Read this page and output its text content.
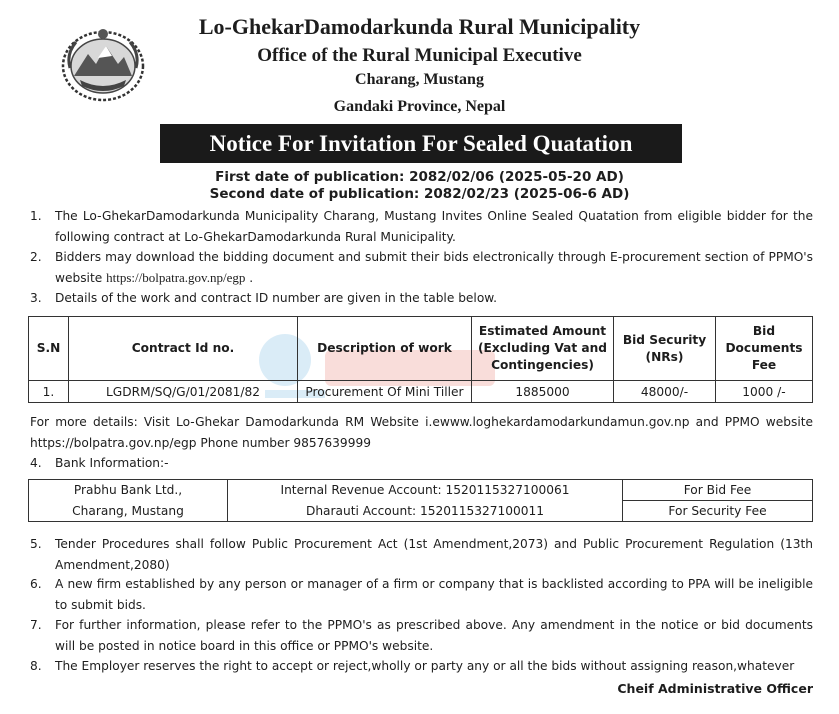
Lo-GhekarDamodarkunda Rural Municipality
Office of the Rural Municipal Executive
Charang, Mustang
Gandaki Province, Nepal
Notice For Invitation For Sealed Quatation
First date of publication: 2082/02/06 (2025-05-20 AD)
Second date of publication: 2082/02/23 (2025-06-6 AD)
1. The Lo-GhekarDamodarkunda Municipality Charang, Mustang Invites Online Sealed Quatation from eligible bidder for the following contract at Lo-GhekarDamodarkunda Rural Municipality.
2. Bidders may download the bidding document and submit their bids electronically through E-procurement section of PPMO's website https://bolpatra.gov.np/egp .
3. Details of the work and contract ID number are given in the table below.
S.N	Contract Id no.	Description of work	Estimated Amount (Excluding Vat and Contingencies)	Bid Security (NRs)	Bid Documents Fee
1.	LGDRM/SQ/G/01/2081/82	Procurement Of Mini Tiller	1885000	48000/-	1000 /-
For more details: Visit Lo-Ghekar Damodarkunda RM Website i.ewww.loghekardamodarkundamun.gov.np and PPMO website https://bolpatra.gov.np/egp Phone number 9857639999
4. Bank Information:-
Prabhu Bank Ltd.,	Internal Revenue Account: 1520115327100061	For Bid Fee
Charang, Mustang	Dharauti Account: 1520115327100011	For Security Fee
5. Tender Procedures shall follow Public Procurement Act (1st Amendment,2073) and Public Procurement Regulation (13th Amendment,2080)
6. A new firm established by any person or manager of a firm or company that is backlisted according to PPA will be ineligible to submit bids.
7. For further information, please refer to the PPMO's as prescribed above. Any amendment in the notice or bid documents will be posted in notice board in this office or PPMO's website.
8. The Employer reserves the right to accept or reject,wholly or party any or all the bids without assigning reason,whatever
Cheif Administrative Officer
